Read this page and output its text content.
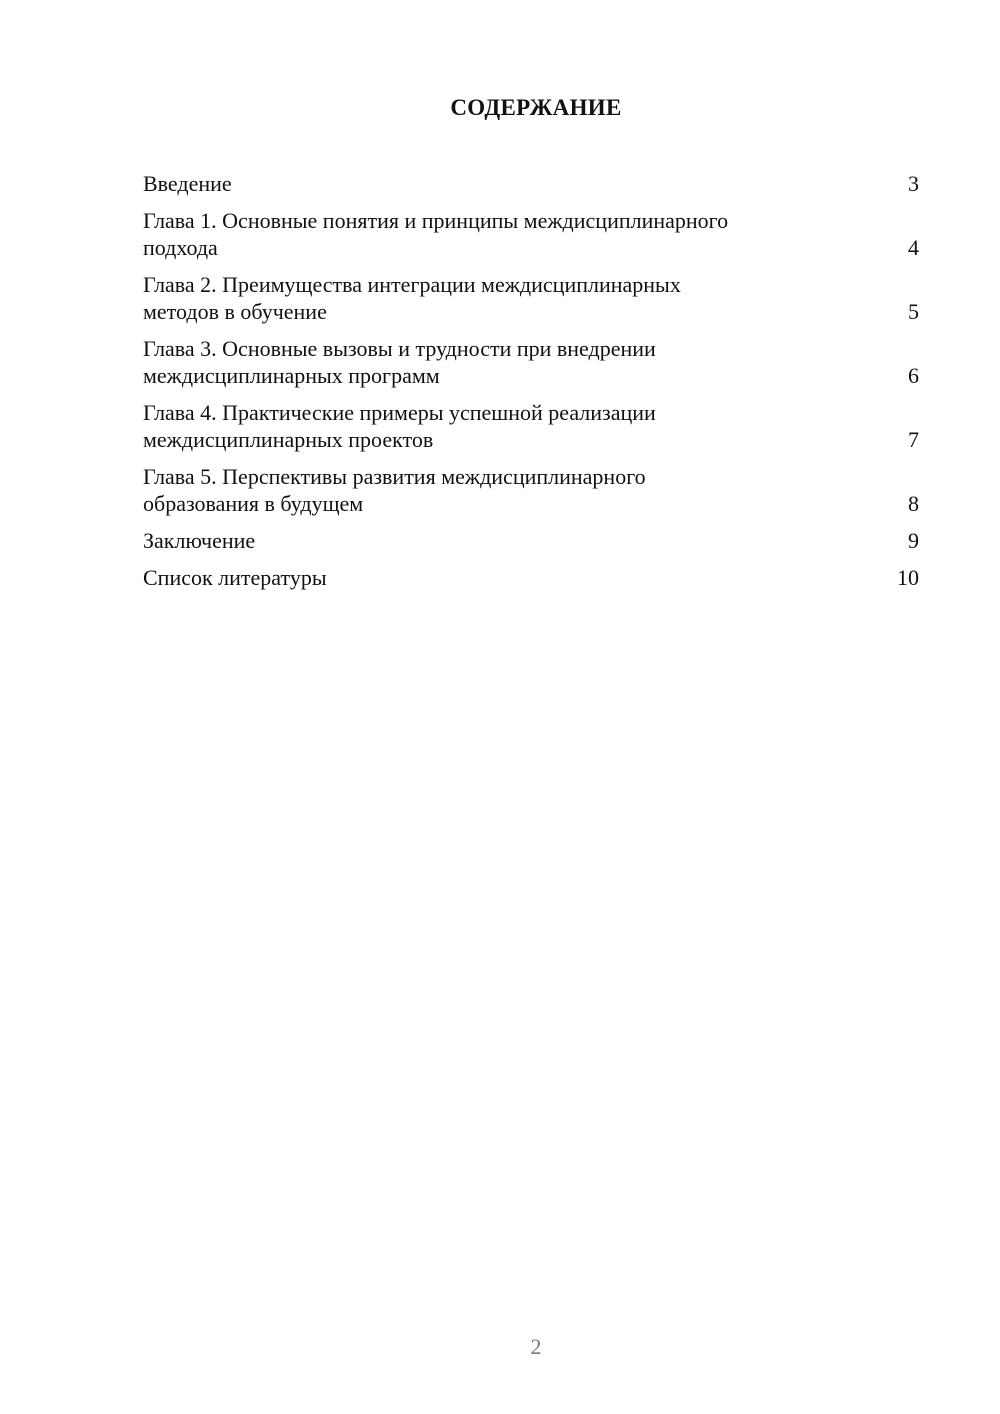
СОДЕРЖАНИЕ
Введение	3
Глава 1. Основные понятия и принципы междисциплинарного
подхода	4
Глава 2. Преимущества интеграции междисциплинарных
методов в обучение	5
Глава 3. Основные вызовы и трудности при внедрении
междисциплинарных программ	6
Глава 4. Практические примеры успешной реализации
междисциплинарных проектов	7
Глава 5. Перспективы развития междисциплинарного
образования в будущем	8
Заключение	9
Список литературы	10
2
